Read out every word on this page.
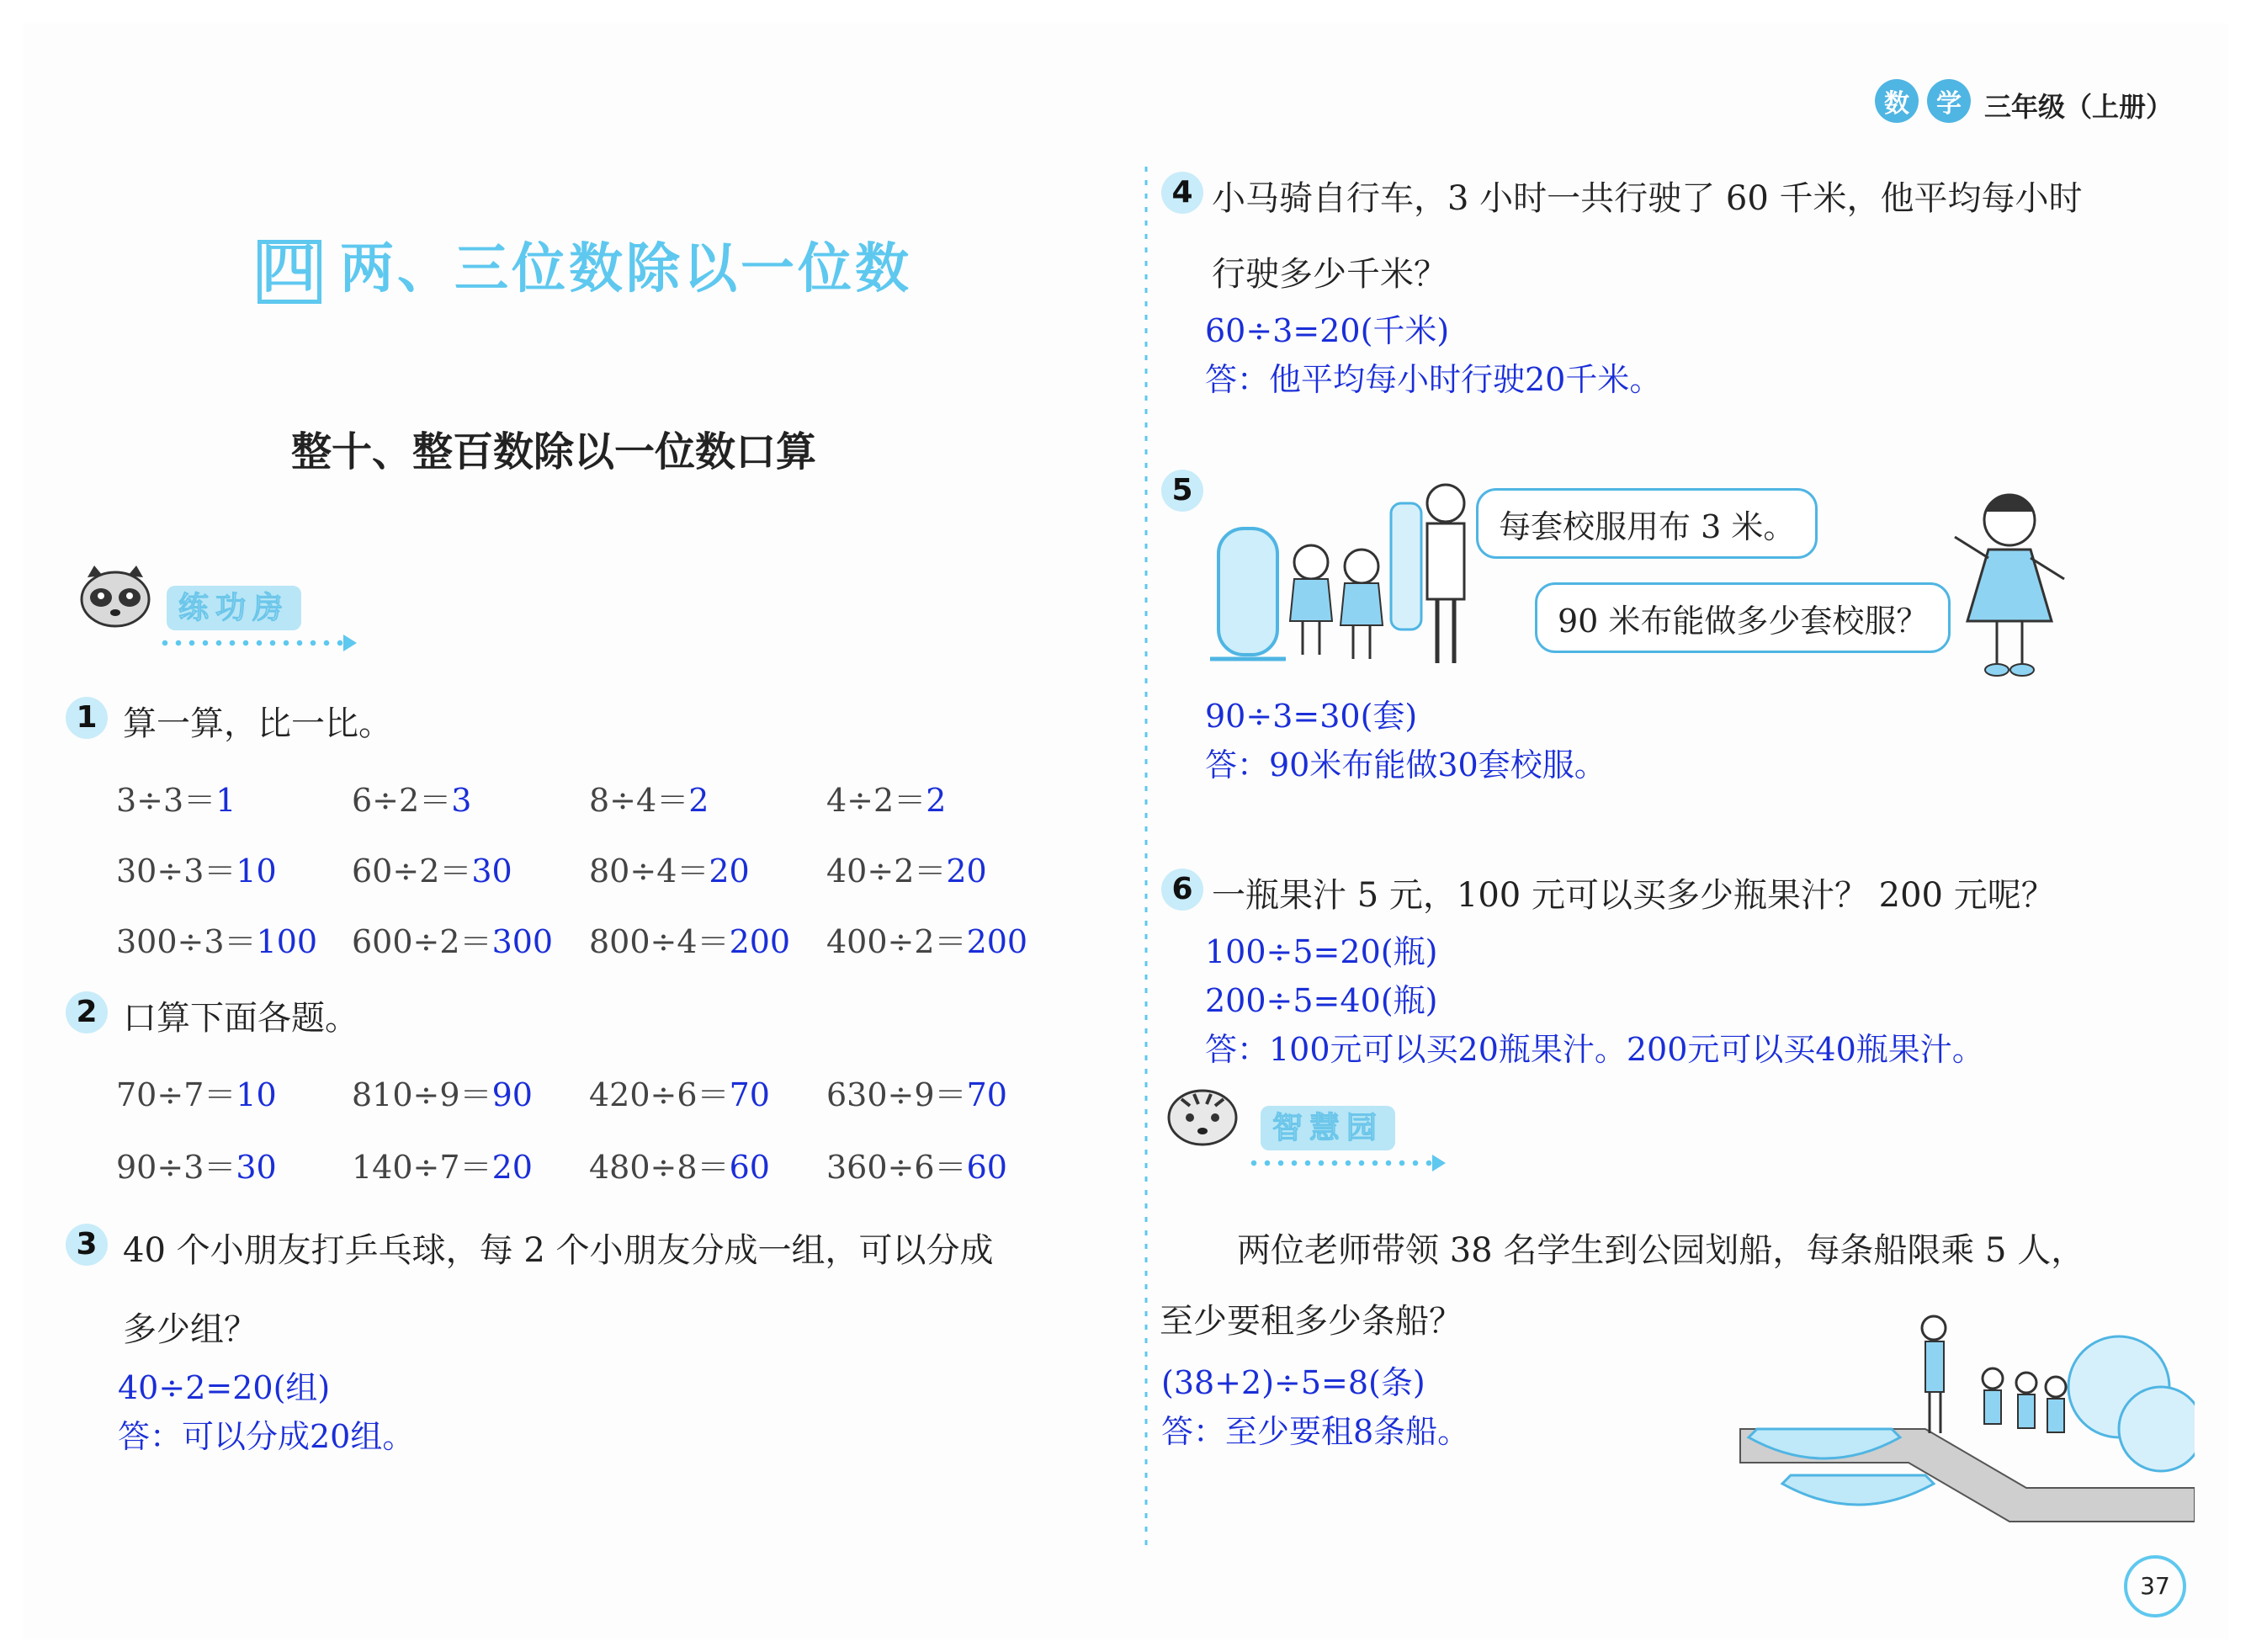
数 学 三年级（上册）
四 两、三位数除以一位数
整十、整百数除以一位数口算
练功房
1 算一算，比一比。
3÷3＝1	6÷2＝3	8÷4＝2	4÷2＝2
30÷3＝10 60÷2＝30 80÷4＝20 40÷2＝20
300÷3＝100 600÷2＝300 800÷4＝200 400÷2＝200
2 口算下面各题。
70÷7＝10 810÷9＝90 420÷6＝70 630÷9＝70
90÷3＝30 140÷7＝20 480÷8＝60 360÷6＝60
3 40 个小朋友打乒乓球，每 2 个小朋友分成一组，可以分成
多少组？
40÷2=20(组)
答：可以分成20组。
4 小马骑自行车，3 小时一共行驶了 60 千米，他平均每小时
行驶多少千米？
60÷3=20(千米)
答：他平均每小时行驶20千米。
5
每套校服用布 3 米。
90 米布能做多少套校服？
90÷3=30(套)
答：90米布能做30套校服。
6 一瓶果汁 5 元，100 元可以买多少瓶果汁？ 200 元呢？
100÷5=20(瓶)
200÷5=40(瓶)
答：100元可以买20瓶果汁。200元可以买40瓶果汁。
智慧园
两位老师带领 38 名学生到公园划船，每条船限乘 5 人，
至少要租多少条船？
(38+2)÷5=8(条)
答：至少要租8条船。
37
